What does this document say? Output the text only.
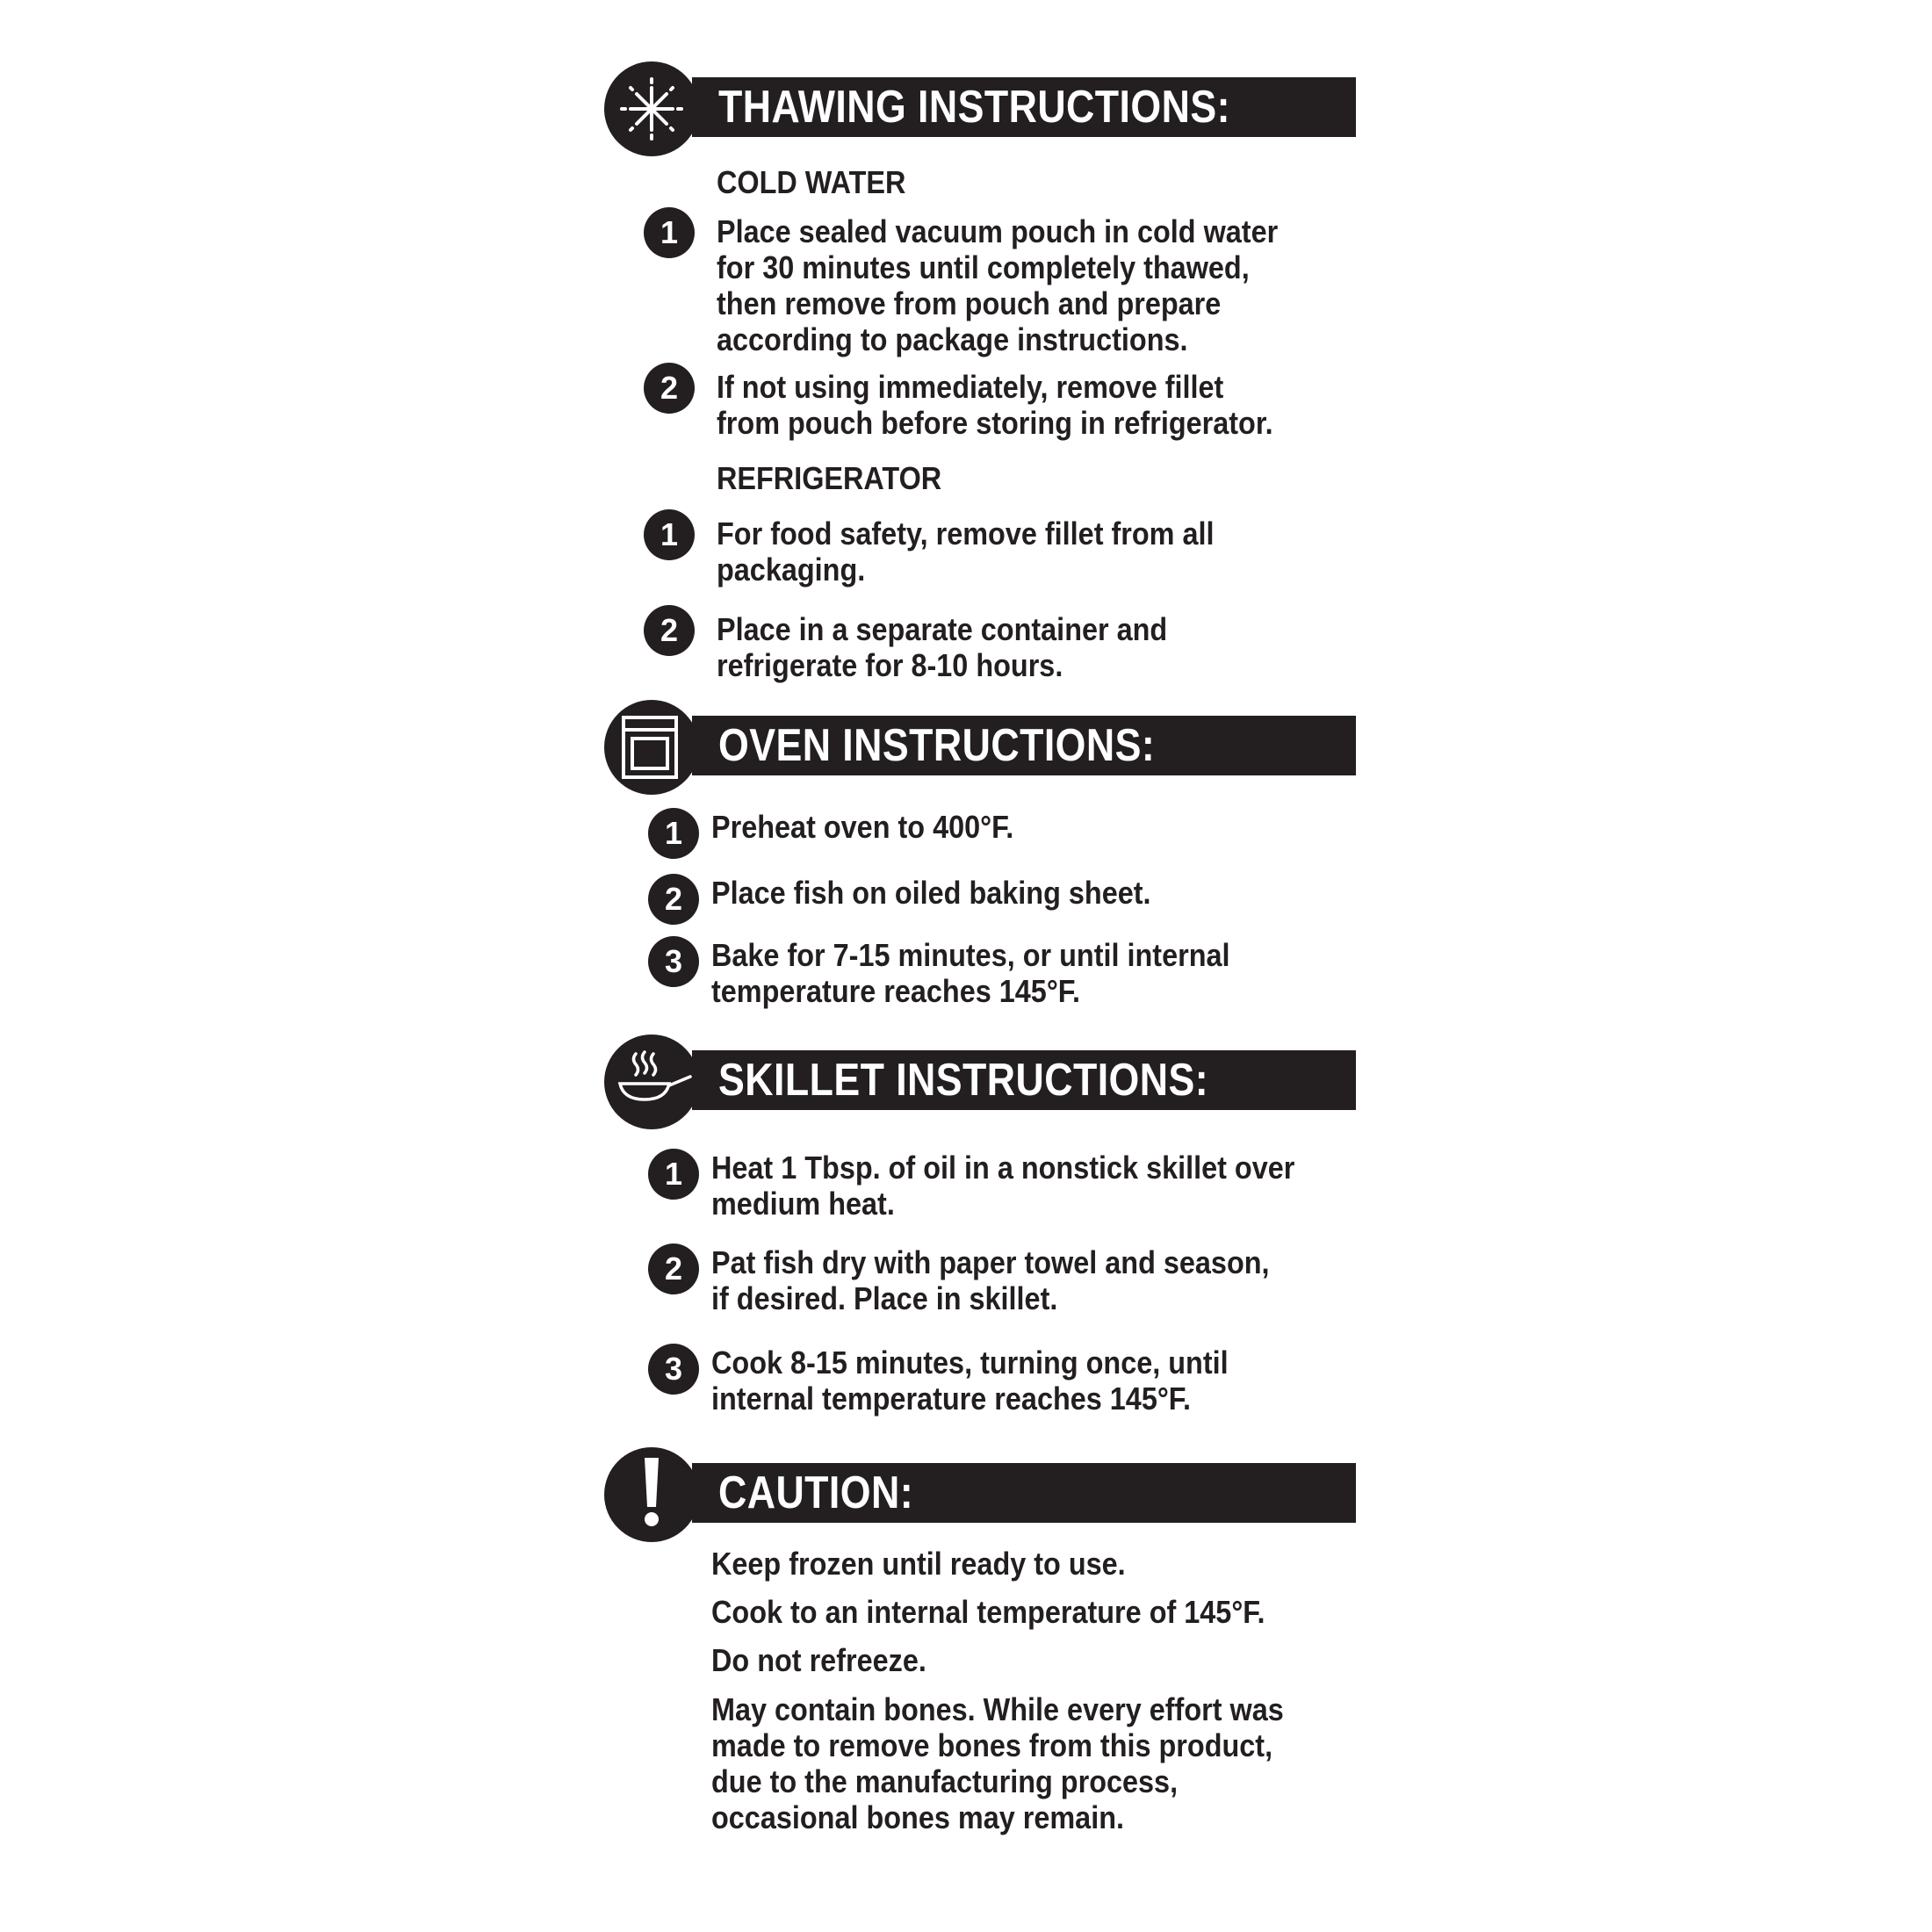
THAWING INSTRUCTIONS:
COLD WATER
1	Place sealed vacuum pouch in cold water
for 30 minutes until completely thawed,
then remove from pouch and prepare
according to package instructions.
2	If not using immediately, remove fillet
from pouch before storing in refrigerator.
REFRIGERATOR
1	For food safety, remove fillet from all
packaging.
2	Place in a separate container and
refrigerate for 8-10 hours.
OVEN INSTRUCTIONS:
1 Preheat oven to 400°F.
2 Place fish on oiled baking sheet.
3 Bake for 7-15 minutes, or until internal
temperature reaches 145°F.
SKILLET INSTRUCTIONS:
1 Heat 1 Tbsp. of oil in a nonstick skillet over
medium heat.
2 Pat fish dry with paper towel and season,
if desired. Place in skillet.
3 Cook 8-15 minutes, turning once, until
internal temperature reaches 145°F.
CAUTION:
Keep frozen until ready to use.
Cook to an internal temperature of 145°F.
Do not refreeze.
May contain bones. While every effort was
made to remove bones from this product,
due to the manufacturing process,
occasional bones may remain.
